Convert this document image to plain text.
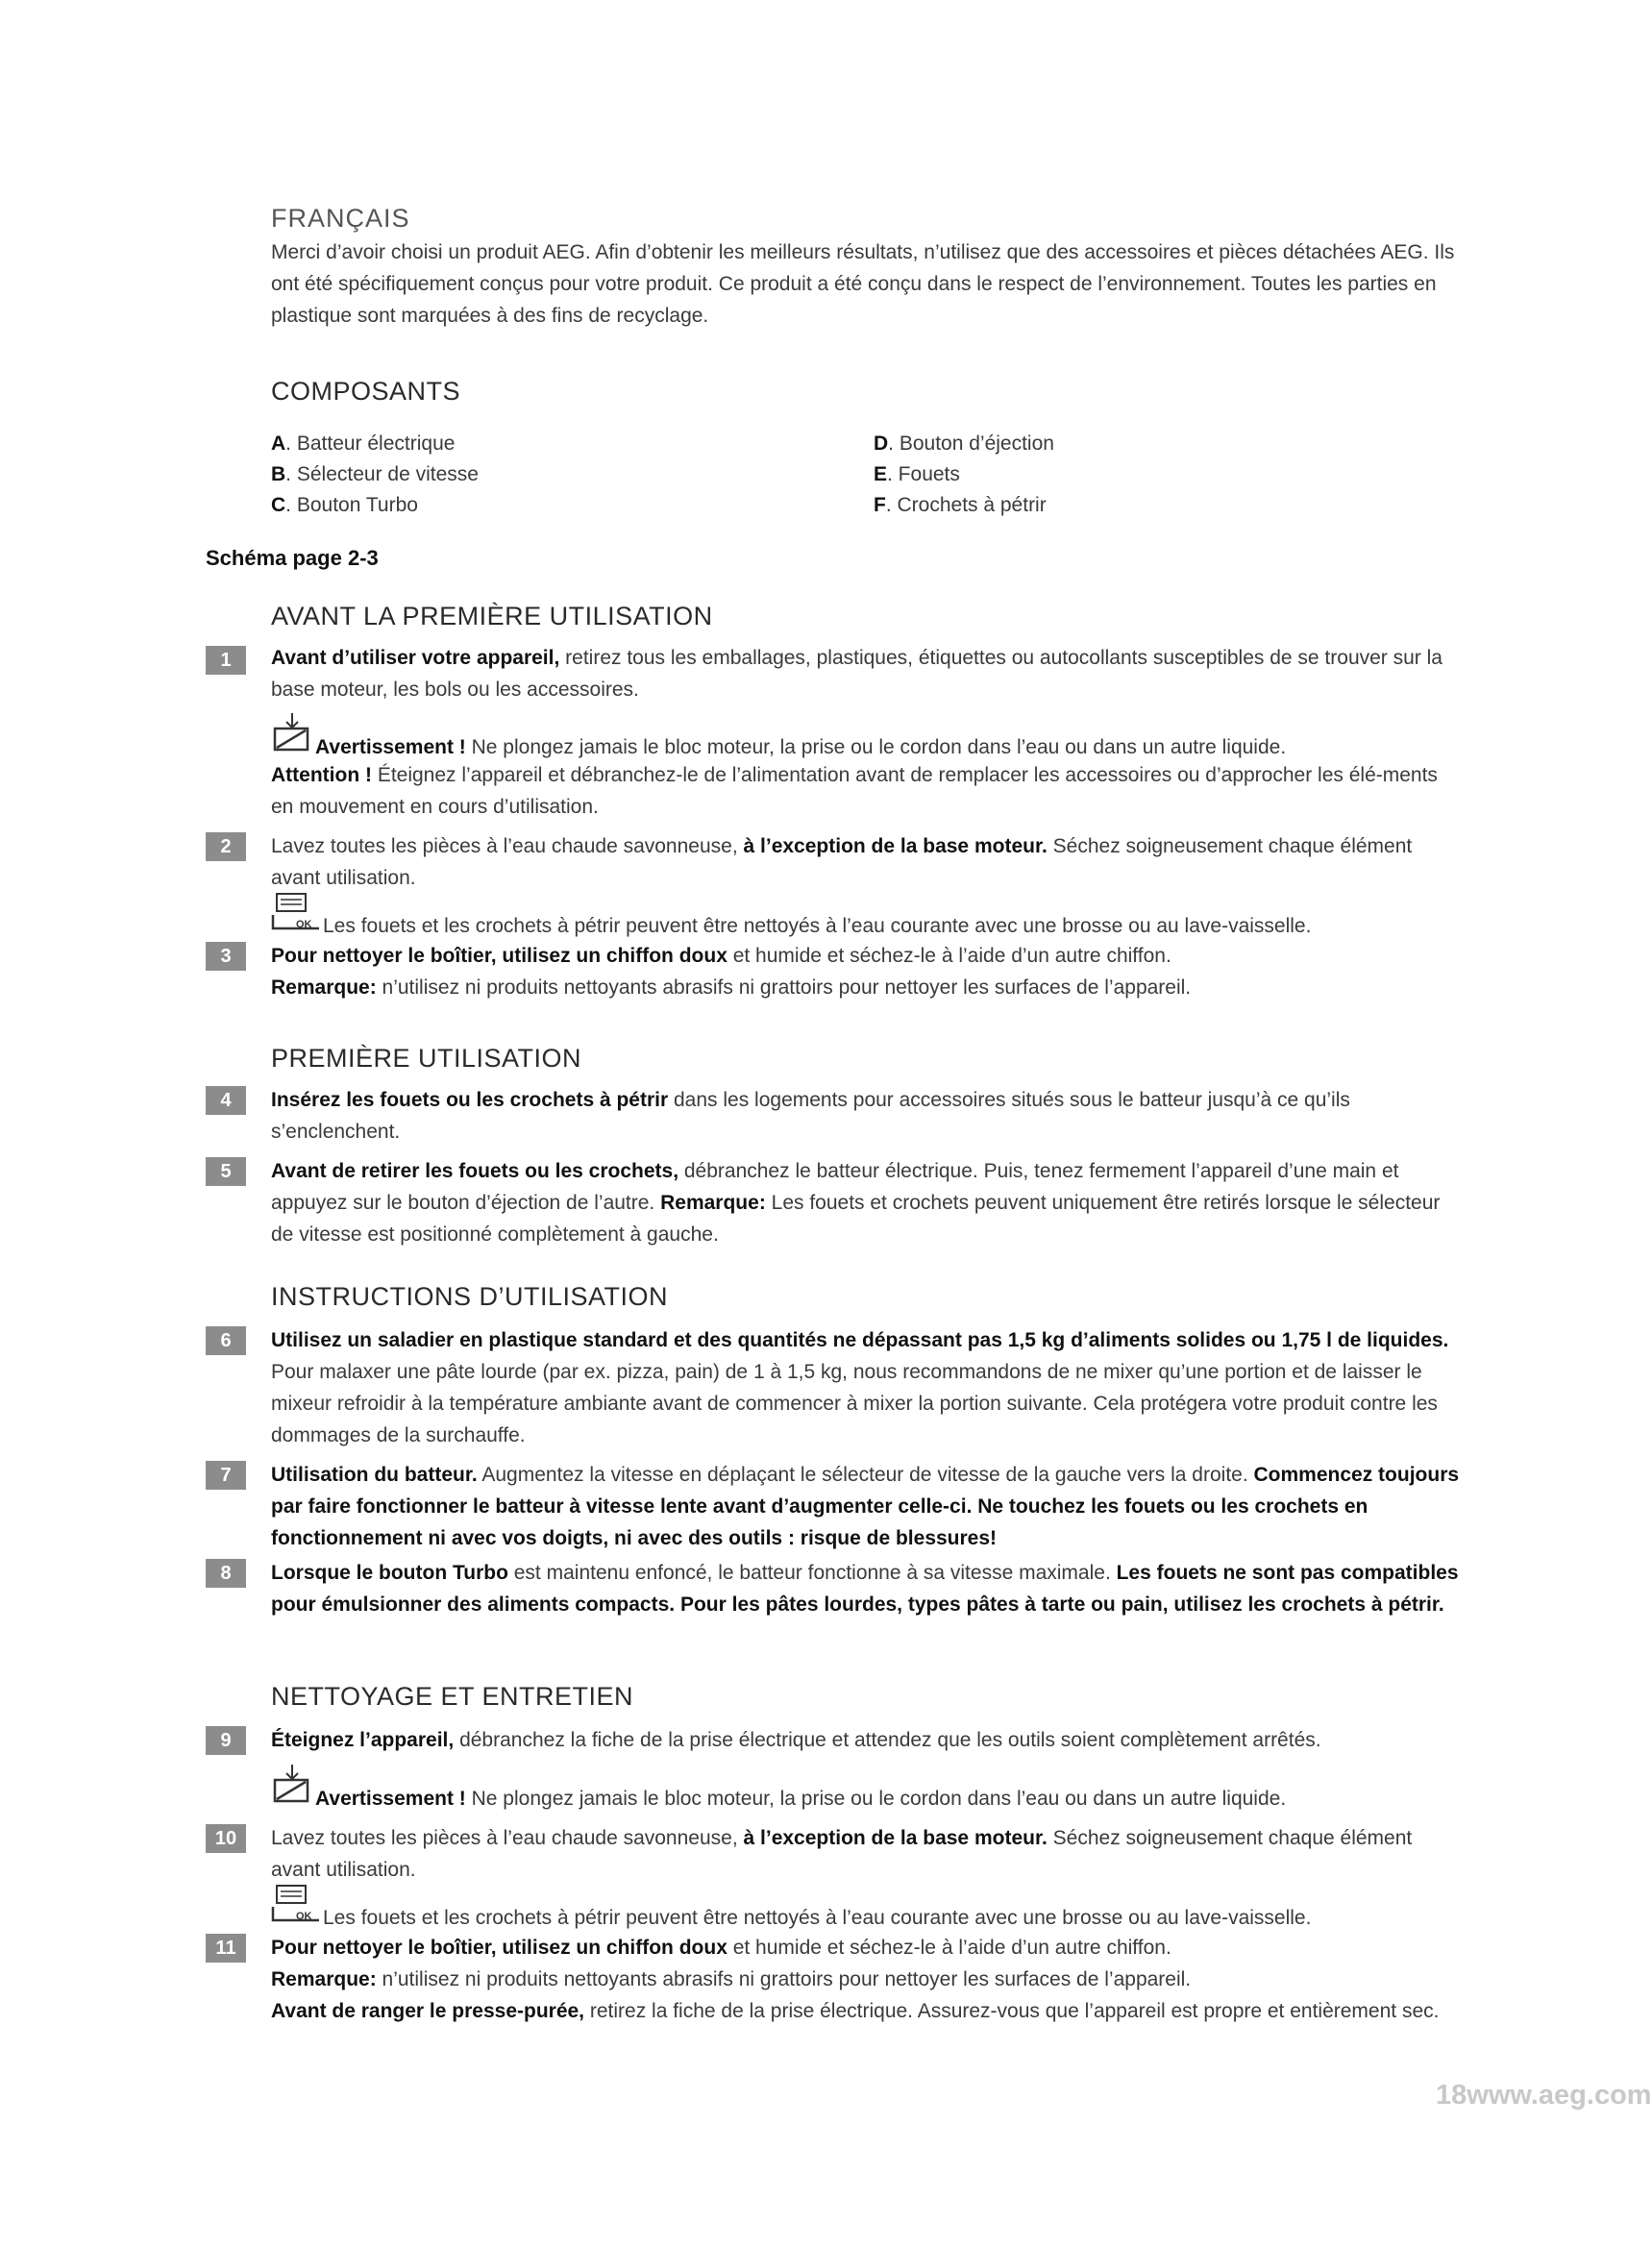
FRANÇAIS

Merci d’avoir choisi un produit AEG. Afin d’obtenir les meilleurs résultats, n’utilisez que des accessoires et pièces détachées AEG. Ils ont été spécifiquement conçus pour votre produit. Ce produit a été conçu dans le respect de l’environnement. Toutes les parties en plastique sont marquées à des fins de recyclage.

COMPOSANTS
A. Batteur électrique
B. Sélecteur de vitesse
C. Bouton Turbo
D. Bouton d’éjection
E. Fouets
F. Crochets à pétrir
Schéma page 2-3
AVANT LA PREMIÈRE UTILISATION
1	Avant d’utiliser votre appareil, retirez tous les emballages, plastiques, étiquettes ou autocollants susceptibles de se trouver sur la base moteur, les bols ou les accessoires.

Avertissement ! Ne plongez jamais le bloc moteur, la prise ou le cordon dans l’eau ou dans un autre liquide.

Attention ! Éteignez l’appareil et débranchez-le de l’alimentation avant de remplacer les accessoires ou d’approcher les élé-ments en mouvement en cours d’utilisation.

2	Lavez toutes les pièces à l’eau chaude savonneuse, à l’exception de la base moteur. Séchez soigneusement chaque élément avant utilisation.

OK Les fouets et les crochets à pétrir peuvent être nettoyés à l’eau courante avec une brosse ou au lave-vaisselle.
3	Pour nettoyer le boîtier, utilisez un chiffon doux et humide et séchez-le à l’aide d’un autre chiffon.

Remarque: n’utilisez ni produits nettoyants abrasifs ni grattoirs pour nettoyer les surfaces de l’appareil.

PREMIÈRE UTILISATION
4	Insérez les fouets ou les crochets à pétrir dans les logements pour accessoires situés sous le batteur jusqu’à ce qu’ils s’enclenchent.

5	Avant de retirer les fouets ou les crochets, débranchez le batteur électrique. Puis, tenez fermement l’appareil d’une main et appuyez sur le bouton d’éjection de l’autre. Remarque: Les fouets et crochets peuvent uniquement être retirés lorsque le sélecteur de vitesse est positionné complètement à gauche.

INSTRUCTIONS D’UTILISATION
6	Utilisez un saladier en plastique standard et des quantités ne dépassant pas 1,5 kg d’aliments solides ou 1,75 l de liquides. Pour malaxer une pâte lourde (par ex. pizza, pain) de 1 à 1,5 kg, nous recommandons de ne mixer qu’une portion et de laisser le mixeur refroidir à la température ambiante avant de commencer à mixer la portion suivante. Cela protégera votre produit contre les dommages de la surchauffe.

7	Utilisation du batteur. Augmentez la vitesse en déplaçant le sélecteur de vitesse de la gauche vers la droite. Commencez toujours par faire fonctionner le batteur à vitesse lente avant d’augmenter celle-ci. Ne touchez les fouets ou les crochets en fonctionnement ni avec vos doigts, ni avec des outils : risque de blessures!

8	Lorsque le bouton Turbo est maintenu enfoncé, le batteur fonctionne à sa vitesse maximale. Les fouets ne sont pas compatibles pour émulsionner des aliments compacts. Pour les pâtes lourdes, types pâtes à tarte ou pain, utilisez les crochets à pétrir.

NETTOYAGE ET ENTRETIEN
9	Éteignez l’appareil, débranchez la fiche de la prise électrique et attendez que les outils soient complètement arrêtés.

Avertissement ! Ne plongez jamais le bloc moteur, la prise ou le cordon dans l’eau ou dans un autre liquide.
10	Lavez toutes les pièces à l’eau chaude savonneuse, à l’exception de la base moteur. Séchez soigneusement chaque élément avant utilisation.

OK Les fouets et les crochets à pétrir peuvent être nettoyés à l’eau courante avec une brosse ou au lave-vaisselle.
11	Pour nettoyer le boîtier, utilisez un chiffon doux et humide et séchez-le à l’aide d’un autre chiffon.

Remarque: n’utilisez ni produits nettoyants abrasifs ni grattoirs pour nettoyer les surfaces de l’appareil.

Avant de ranger le presse-purée, retirez la fiche de la prise électrique. Assurez-vous que l’appareil est propre et entièrement sec.

18www.aeg.com
